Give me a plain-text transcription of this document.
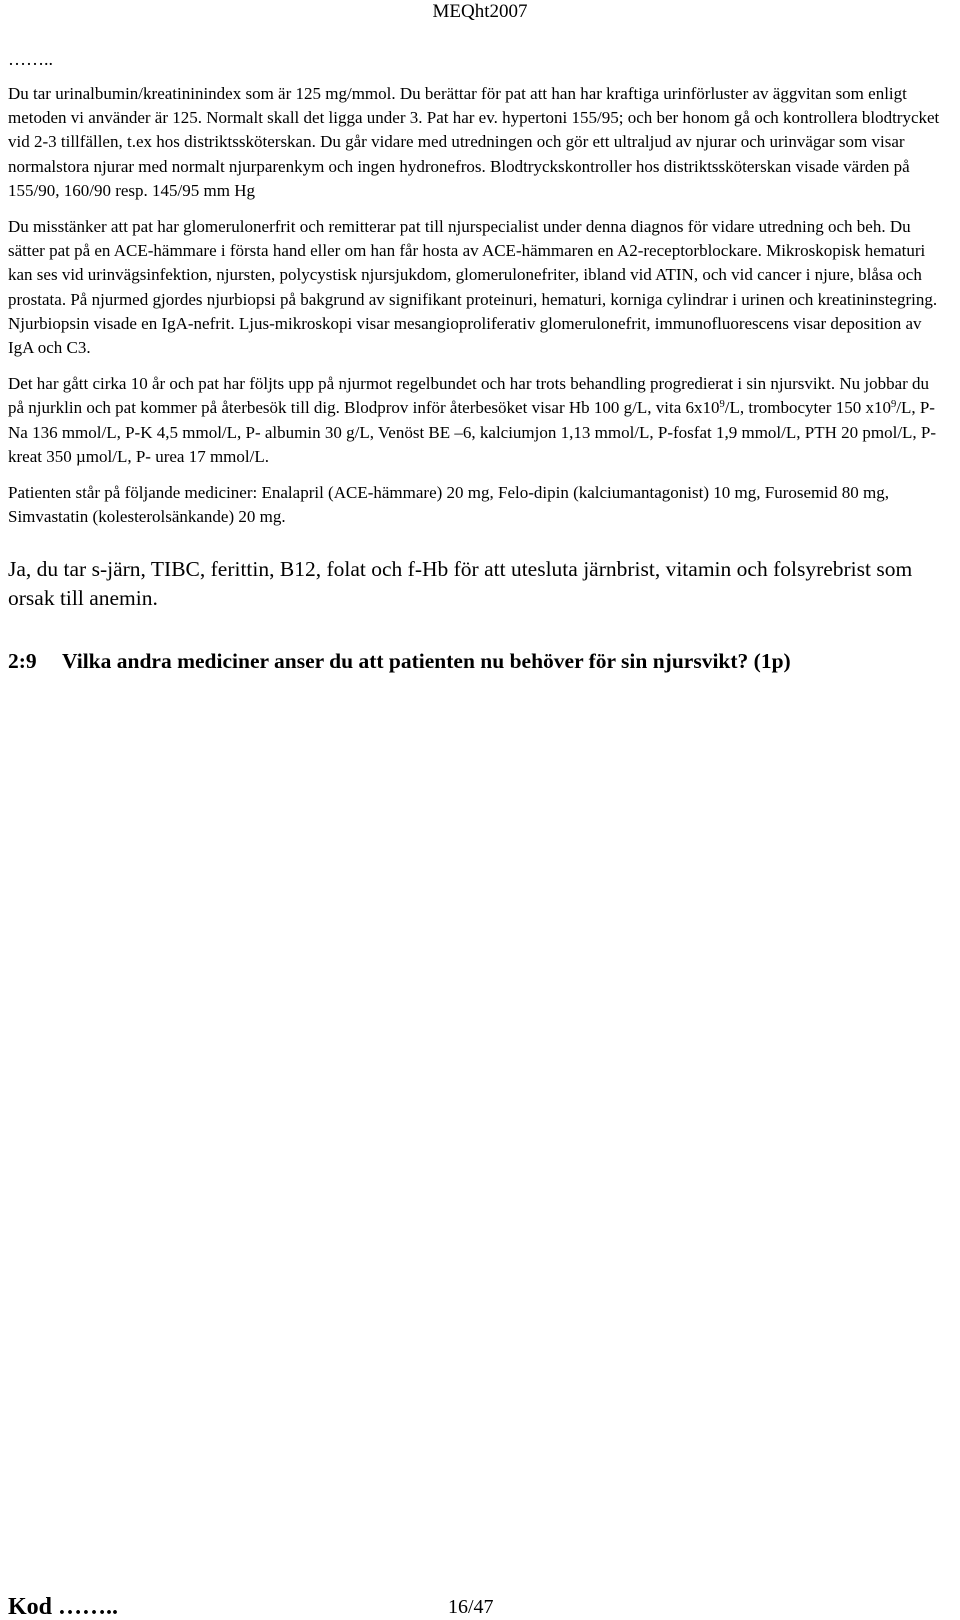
MEQht2007
……..

Du tar urinalbumin/kreatininindex som är 125 mg/mmol. Du berättar för pat att han har kraftiga urinförluster av äggvitan som enligt metoden vi använder är 125. Normalt skall det ligga under 3. Pat har ev. hypertoni 155/95; och ber honom gå och kontrollera blodtrycket vid 2-3 tillfällen, t.ex hos distriktssköterskan. Du går vidare med utredningen och gör ett ultraljud av njurar och urinvägar som visar normalstora njurar med normalt njurparenkym och ingen hydronefros. Blodtryckskontroller hos distriktssköterskan visade värden på 155/90, 160/90 resp. 145/95 mm Hg

Du misstänker att pat har glomerulonerfrit och remitterar pat till njurspecialist under denna diagnos för vidare utredning och beh. Du sätter pat på en ACE-hämmare i första hand eller om han får hosta av ACE-hämmaren en A2-receptorblockare. Mikroskopisk hematuri kan ses vid urinvägsinfektion, njursten, polycystisk njursjukdom, glomerulonefriter, ibland vid ATIN, och vid cancer i njure, blåsa och prostata. På njurmed gjordes njurbiopsi på bakgrund av signifikant proteinuri, hematuri, korniga cylindrar i urinen och kreatininstegring. Njurbiopsin visade en IgA-nefrit. Ljus-mikroskopi visar mesangioproliferativ glomerulonefrit, immunofluorescens visar deposition av IgA och C3.

Det har gått cirka 10 år och pat har följts upp på njurmot regelbundet och har trots behandling progredierat i sin njursvikt. Nu jobbar du på njurklin och pat kommer på återbesök till dig. Blodprov inför återbesöket visar Hb 100 g/L, vita $6x10^9/L$, trombocyter 150 $x10^9/L$, P-Na 136 mmol/L, P-K 4,5 mmol/L, P- albumin 30 g/L, Venöst BE –6, kalciumjon 1,13 mmol/L, P-fosfat 1,9 mmol/L, PTH 20 pmol/L, P-kreat 350 µmol/L, P- urea 17 mmol/L.

Patienten står på följande mediciner: Enalapril (ACE-hämmare) 20 mg, Felo-dipin (kalciumantagonist) 10 mg, Furosemid 80 mg, Simvastatin (kolesterolsänkande) 20 mg.

Ja, du tar s-järn, TIBC, ferittin, B12, folat och f-Hb för att utesluta järnbrist, vitamin och folsyrebrist som orsak till anemin.

2:9 Vilka andra mediciner anser du att patienten nu behöver för sin njursvikt? (1p)
Kod ……..	16/47
